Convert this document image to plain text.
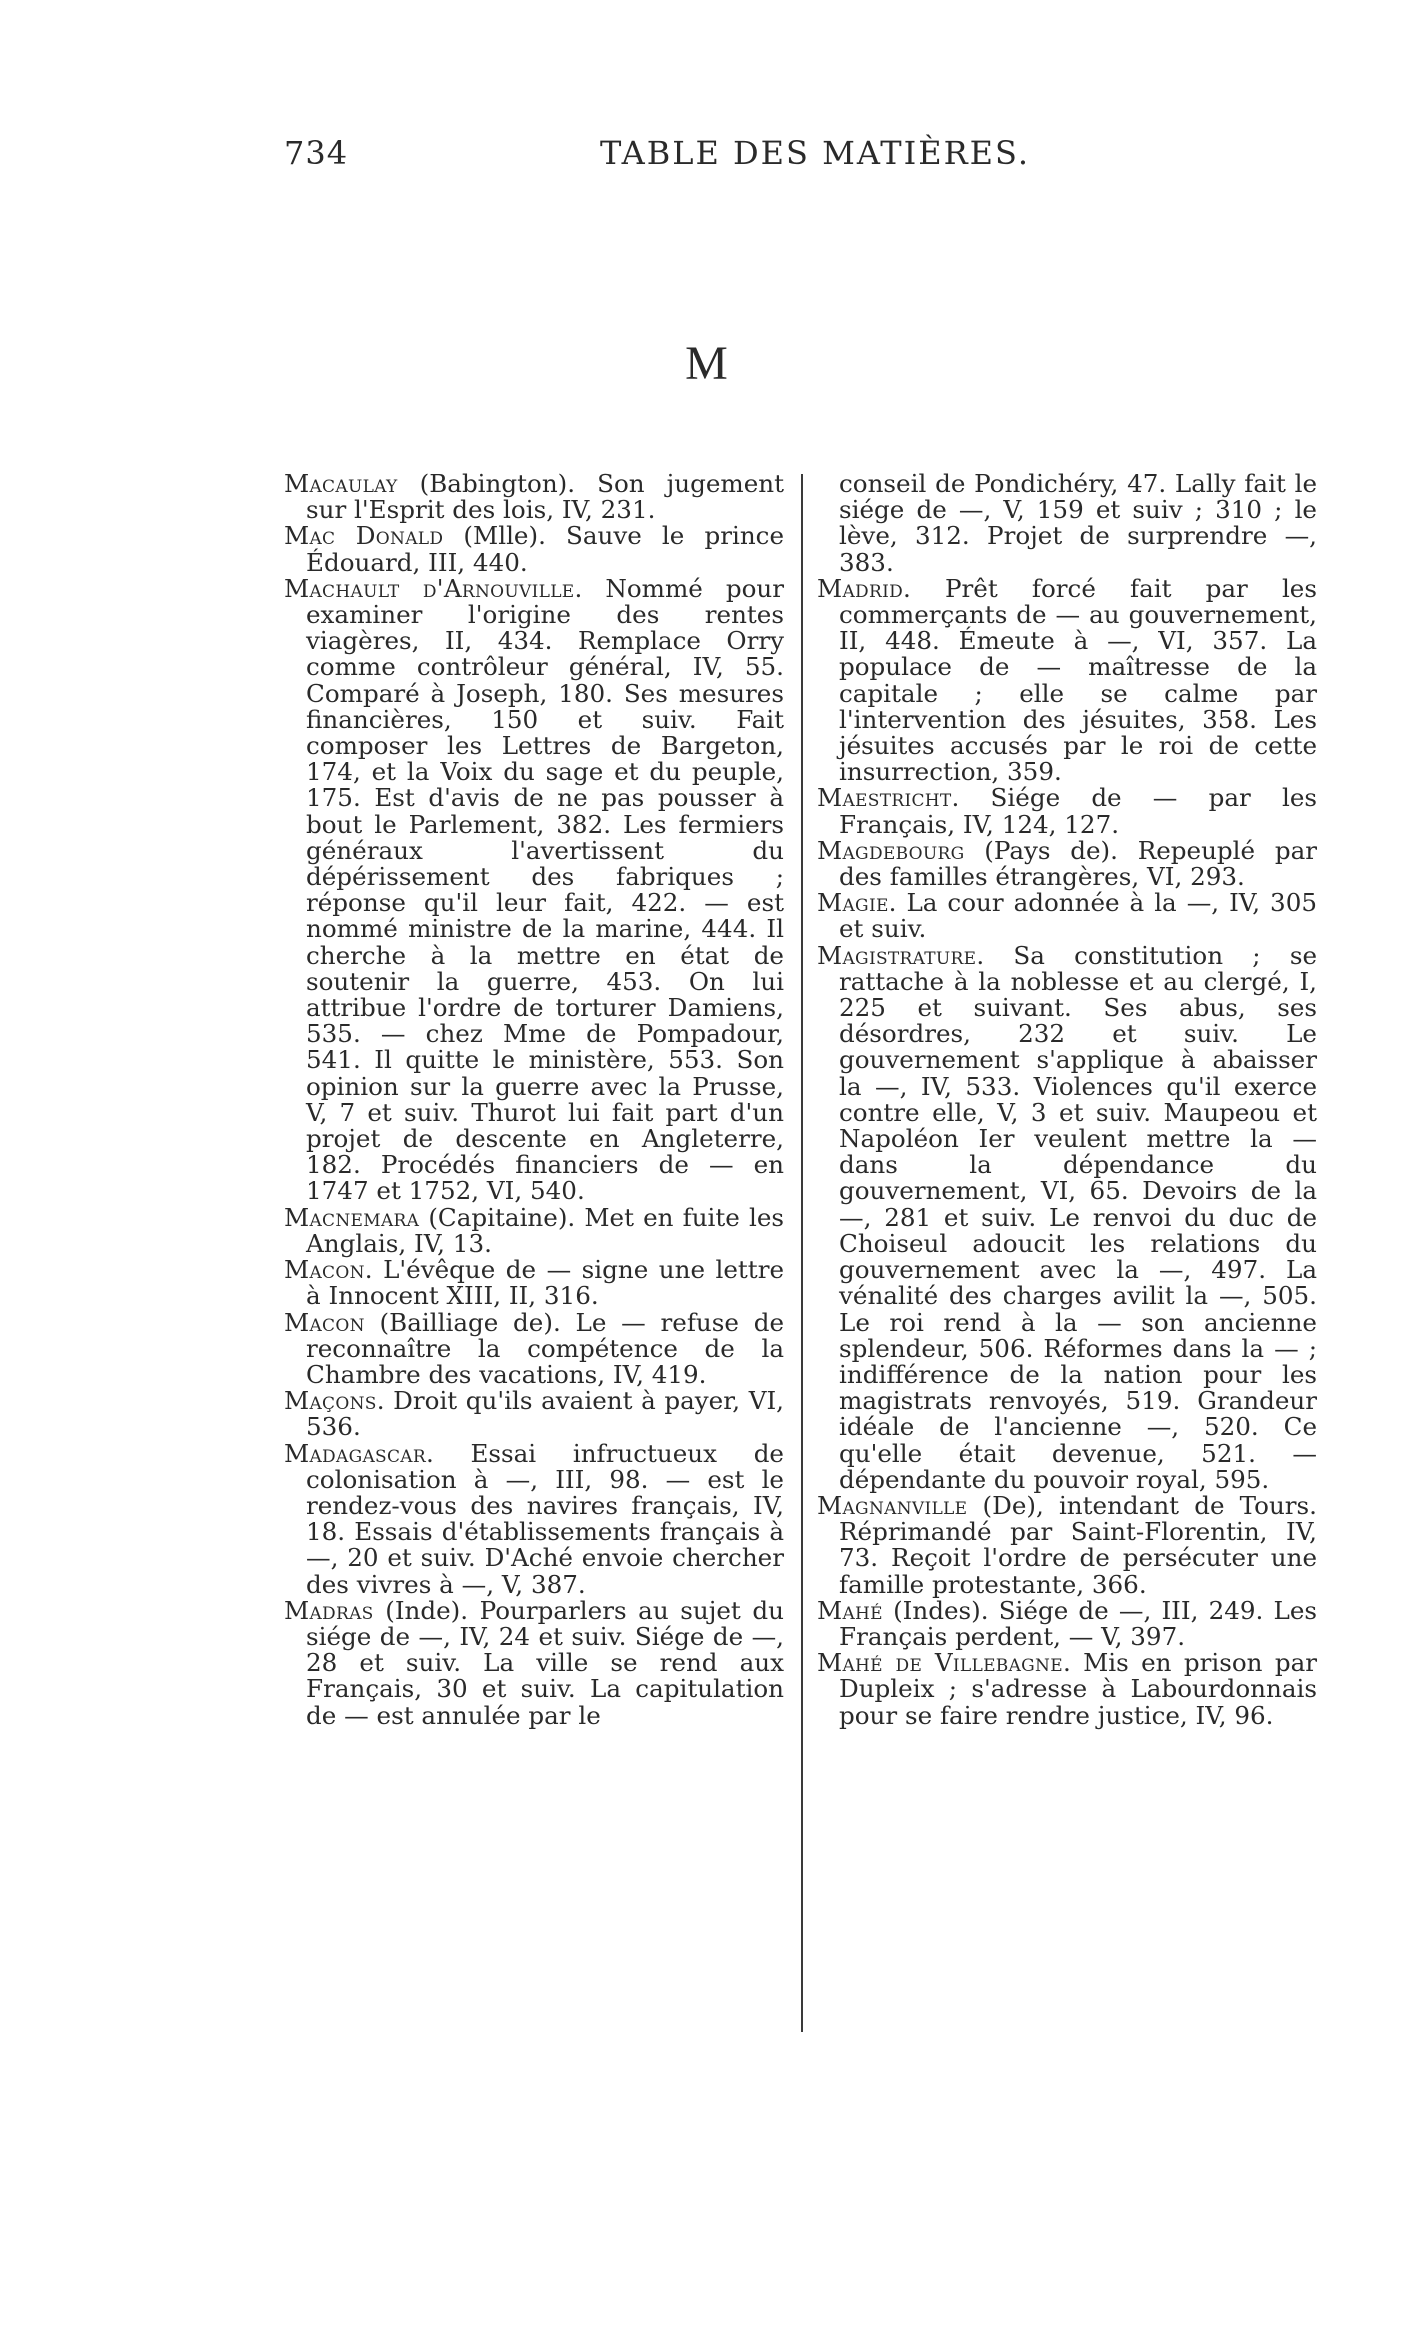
734	TABLE DES MATIÈRES.
M

Macaulay (Babington). Son jugement sur l'Esprit des lois, IV, 231.

Mac Donald (Mlle). Sauve le prince Édouard, III, 440.

Machault d'Arnouville. Nommé pour examiner l'origine des rentes viagères, II, 434. Remplace Orry comme contrôleur général, IV, 55. Comparé à Joseph, 180. Ses mesures financières, 150 et suiv. Fait composer les Lettres de Bargeton, 174, et la Voix du sage et du peuple, 175. Est d'avis de ne pas pousser à bout le Parlement, 382. Les fermiers généraux l'avertissent du dépérissement des fabriques ; réponse qu'il leur fait, 422. — est nommé ministre de la marine, 444. Il cherche à la mettre en état de soutenir la guerre, 453. On lui attribue l'ordre de torturer Damiens, 535. — chez Mme de Pompadour, 541. Il quitte le ministère, 553. Son opinion sur la guerre avec la Prusse, V, 7 et suiv. Thurot lui fait part d'un projet de descente en Angleterre, 182. Procédés financiers de — en 1747 et 1752, VI, 540.

Macnemara (Capitaine). Met en fuite les Anglais, IV, 13.

Macon. L'évêque de — signe une lettre à Innocent XIII, II, 316.

Macon (Bailliage de). Le — refuse de reconnaître la compétence de la Chambre des vacations, IV, 419.

Maçons. Droit qu'ils avaient à payer, VI, 536.

Madagascar. Essai infructueux de colonisation à —, III, 98. — est le rendez-vous des navires français, IV, 18. Essais d'établissements français à —, 20 et suiv. D'Aché envoie chercher des vivres à —, V, 387.

Madras (Inde). Pourparlers au sujet du siége de —, IV, 24 et suiv. Siége de —, 28 et suiv. La ville se rend aux Français, 30 et suiv. La capitulation de — est annulée par le

conseil de Pondichéry, 47. Lally fait le siége de —, V, 159 et suiv ; 310 ; le lève, 312. Projet de surprendre —, 383.

Madrid. Prêt forcé fait par les commerçants de — au gouvernement, II, 448. Émeute à —, VI, 357. La populace de — maîtresse de la capitale ; elle se calme par l'intervention des jésuites, 358. Les jésuites accusés par le roi de cette insurrection, 359.

Maestricht. Siége de — par les Français, IV, 124, 127.

Magdebourg (Pays de). Repeuplé par des familles étrangères, VI, 293.

Magie. La cour adonnée à la —, IV, 305 et suiv.

Magistrature. Sa constitution ; se rattache à la noblesse et au clergé, I, 225 et suivant. Ses abus, ses désordres, 232 et suiv. Le gouvernement s'applique à abaisser la —, IV, 533. Violences qu'il exerce contre elle, V, 3 et suiv. Maupeou et Napoléon Ier veulent mettre la — dans la dépendance du gouvernement, VI, 65. Devoirs de la —, 281 et suiv. Le renvoi du duc de Choiseul adoucit les relations du gouvernement avec la —, 497. La vénalité des charges avilit la —, 505. Le roi rend à la — son ancienne splendeur, 506. Réformes dans la — ; indifférence de la nation pour les magistrats renvoyés, 519. Grandeur idéale de l'ancienne —, 520. Ce qu'elle était devenue, 521. — dépendante du pouvoir royal, 595.

Magnanville (De), intendant de Tours. Réprimandé par Saint-Florentin, IV, 73. Reçoit l'ordre de persécuter une famille protestante, 366.

Mahé (Indes). Siége de —, III, 249. Les Français perdent, — V, 397.

Mahé de Villebagne. Mis en prison par Dupleix ; s'adresse à Labourdonnais pour se faire rendre justice, IV, 96.
